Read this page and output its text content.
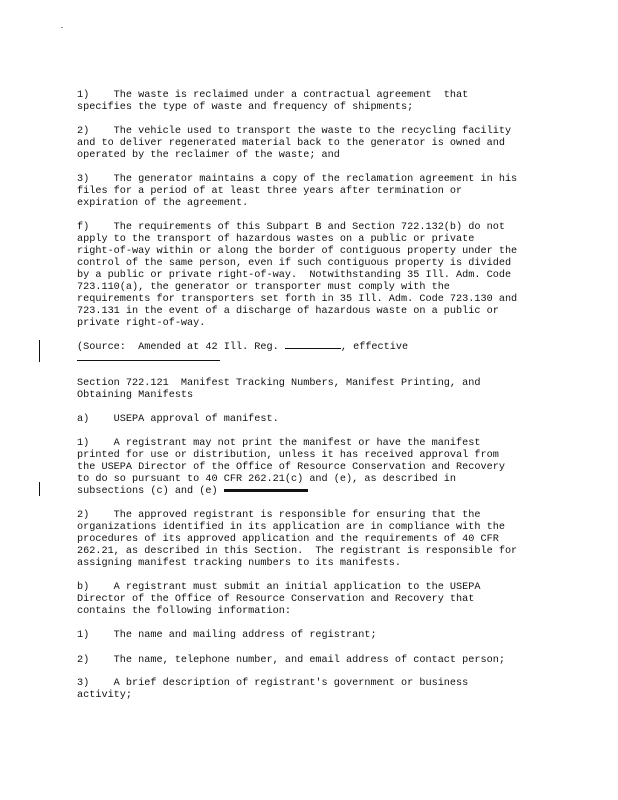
1)    The waste is reclaimed under a contractual agreement  that
specifies the type of waste and frequency of shipments;
2)    The vehicle used to transport the waste to the recycling facility
and to deliver regenerated material back to the generator is owned and
operated by the reclaimer of the waste; and
3)    The generator maintains a copy of the reclamation agreement in his
files for a period of at least three years after termination or
expiration of the agreement.
f)    The requirements of this Subpart B and Section 722.132(b) do not
apply to the transport of hazardous wastes on a public or private
right-of-way within or along the border of contiguous property under the
control of the same person, even if such contiguous property is divided
by a public or private right-of-way.  Notwithstanding 35 Ill. Adm. Code
723.110(a), the generator or transporter must comply with the
requirements for transporters set forth in 35 Ill. Adm. Code 723.130 and
723.131 in the event of a discharge of hazardous waste on a public or
private right-of-way.
(Source:  Amended at 42 Ill. Reg.	, effective
Section 722.121  Manifest Tracking Numbers, Manifest Printing, and
Obtaining Manifests
a)    USEPA approval of manifest.
1)    A registrant may not print the manifest or have the manifest
printed for use or distribution, unless it has received approval from
the USEPA Director of the Office of Resource Conservation and Recovery
to do so pursuant to 40 CFR 262.21(c) and (e), as described in
subsections (c) and (e)
2)    The approved registrant is responsible for ensuring that the
organizations identified in its application are in compliance with the
procedures of its approved application and the requirements of 40 CFR
262.21, as described in this Section.  The registrant is responsible for
assigning manifest tracking numbers to its manifests.
b)    A registrant must submit an initial application to the USEPA
Director of the Office of Resource Conservation and Recovery that
contains the following information:
1)    The name and mailing address of registrant;
2)    The name, telephone number, and email address of contact person;
3)    A brief description of registrant's government or business
activity;
